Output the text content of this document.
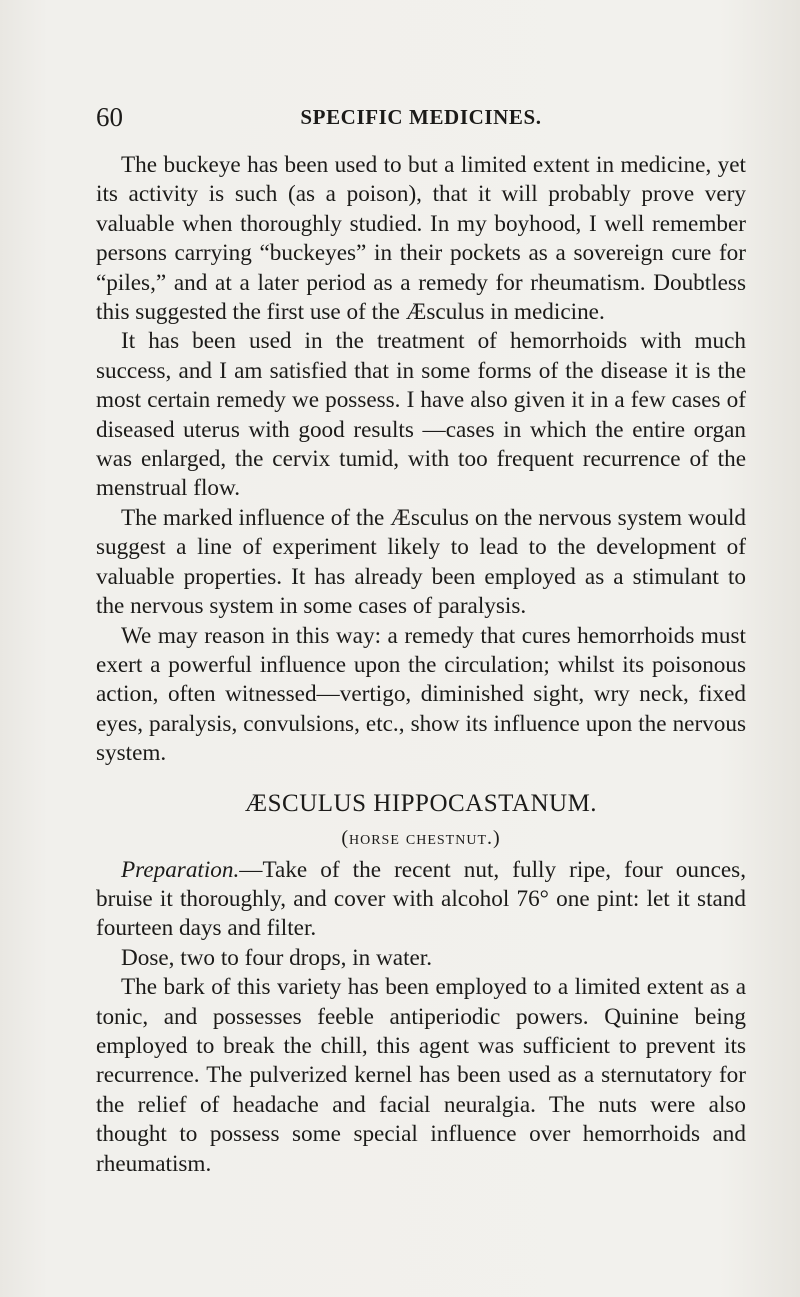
60	SPECIFIC MEDICINES.

The buckeye has been used to but a limited extent in medicine, yet its activity is such (as a poison), that it will probably prove very valuable when thoroughly studied. In my boyhood, I well remember persons carrying “buckeyes” in their pockets as a sovereign cure for “piles,” and at a later period as a remedy for rheumatism. Doubtless this suggested the first use of the Æsculus in medicine.

It has been used in the treatment of hemorrhoids with much success, and I am satisfied that in some forms of the disease it is the most certain remedy we possess. I have also given it in a few cases of diseased uterus with good results —cases in which the entire organ was enlarged, the cervix tumid, with too frequent recurrence of the menstrual flow.

The marked influence of the Æsculus on the nervous system would suggest a line of experiment likely to lead to the development of valuable properties. It has already been employed as a stimulant to the nervous system in some cases of paralysis.

We may reason in this way: a remedy that cures hemorrhoids must exert a powerful influence upon the circulation; whilst its poisonous action, often witnessed—vertigo, diminished sight, wry neck, fixed eyes, paralysis, convulsions, etc., show its influence upon the nervous system.

ÆSCULUS HIPPOCASTANUM.
(horse chestnut.)

Preparation.—Take of the recent nut, fully ripe, four ounces, bruise it thoroughly, and cover with alcohol 76° one pint: let it stand fourteen days and filter.

Dose, two to four drops, in water.

The bark of this variety has been employed to a limited extent as a tonic, and possesses feeble antiperiodic powers. Quinine being employed to break the chill, this agent was sufficient to prevent its recurrence. The pulverized kernel has been used as a sternutatory for the relief of headache and facial neuralgia. The nuts were also thought to possess some special influence over hemorrhoids and rheumatism.
